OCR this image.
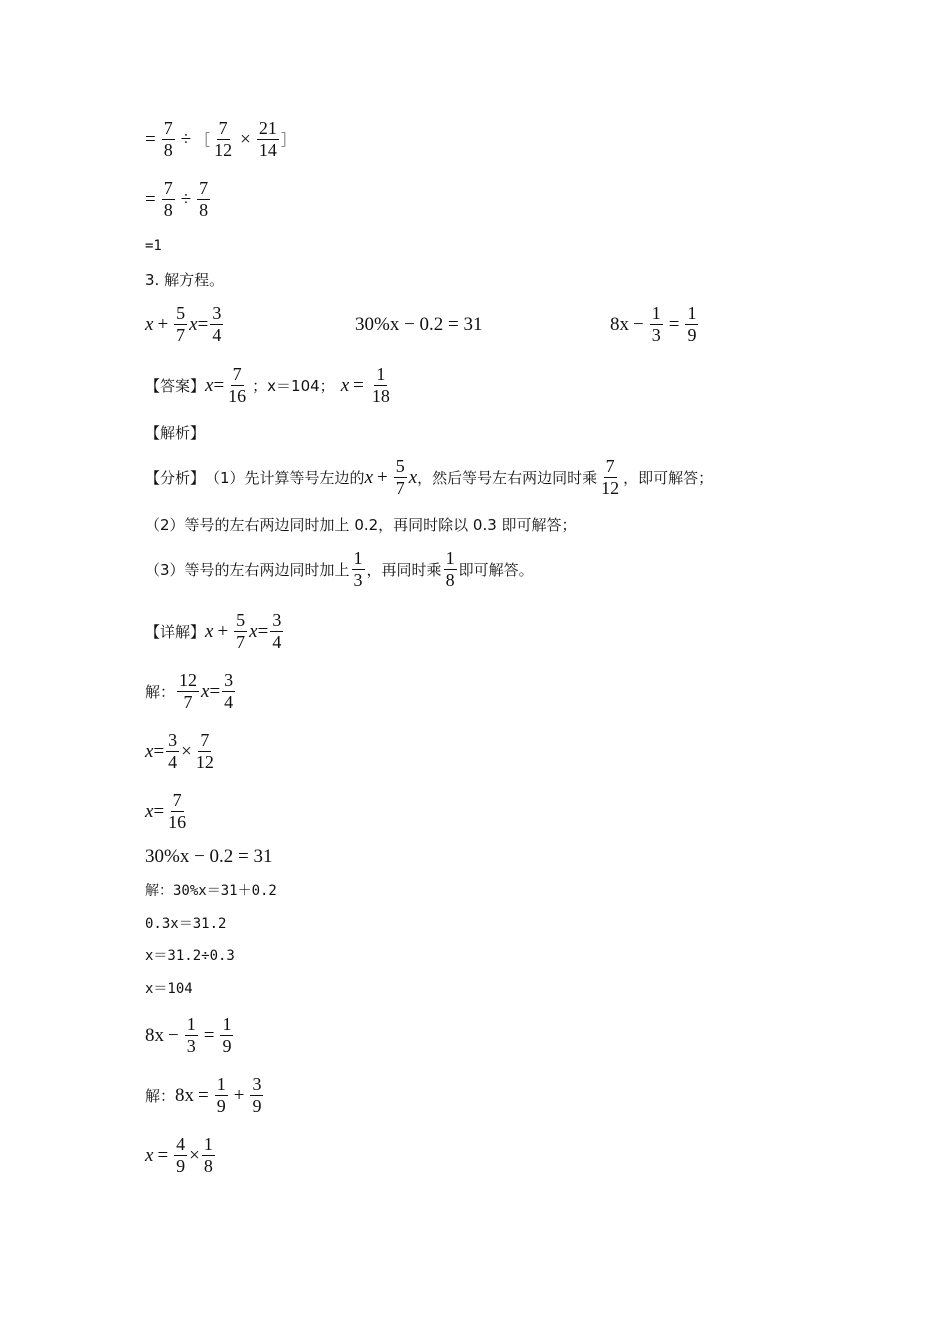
= $\frac{7}{8}$ ÷ ［ $\frac{7}{12} \times \frac{21}{14}$ ］
= $\frac{7}{8} \div \frac{7}{8}$
=1
3. 解方程。
$x + \frac{5}{7}$ $x = \frac{3}{4}$	30%x − 0.2 = 31	$8x - \frac{1}{3} = \frac{1}{9}$
【答案】 $x = \frac{7}{16}$ ；x＝104； $x = \frac{1}{18}$
【解析】
【分析】 （1）先计算等号左边的 $x + \frac{5}{7}$ x ，然后等号左右两边同时乘 $\frac{7}{12}$ ，即可解答；
（2）等号的左右两边同时加上 0.2，再同时除以 0.3 即可解答；
（3）等号的左右两边同时加上 $\frac{1}{3}$ ，再同时乘 $\frac{1}{8}$ 即可解答。
【详解】 $x + \frac{5}{7}$ $x = \frac{3}{4}$
解： $\frac{12}{7}$ $x = \frac{3}{4}$
$x = \frac{3}{4} \times \frac{7}{12}$
$x = \frac{7}{16}$
30%x − 0.2 = 31
解：30%x＝31＋0.2
0.3x＝31.2
x＝31.2÷0.3
x＝104
$8x - \frac{1}{3} = \frac{1}{9}$
解： $8x = \frac{1}{9} + \frac{3}{9}$
$x = \frac{4}{9} \times \frac{1}{8}$
